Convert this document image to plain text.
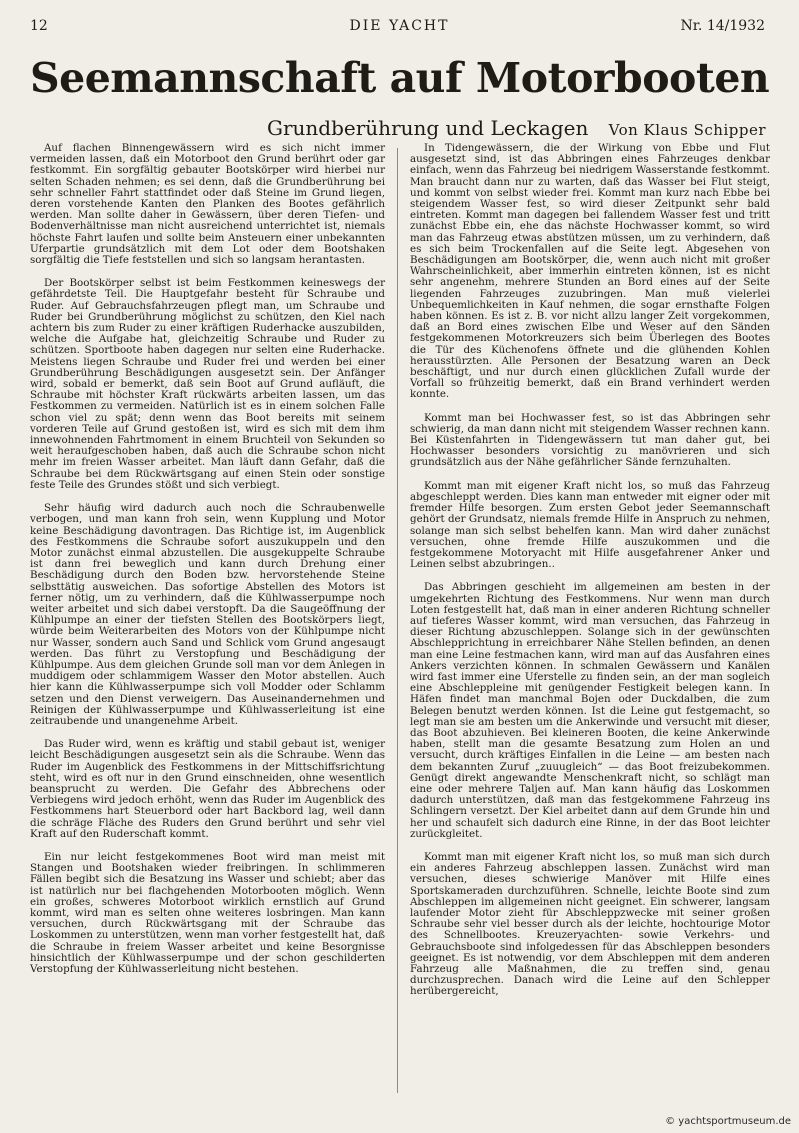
12	DIE YACHT	Nr. 14/1932
Seemannschaft auf Motorbooten
Grundberührung und Leckagen Von Klaus Schipper

Auf flachen Binnengewässern wird es sich nicht immer vermeiden lassen, daß ein Motorboot den Grund berührt oder gar festkommt. Ein sorgfältig gebauter Bootskörper wird hierbei nur selten Schaden nehmen; es sei denn, daß die Grundberührung bei sehr schneller Fahrt stattfindet oder daß Steine im Grund liegen, deren vorstehende Kanten den Planken des Bootes gefährlich werden. Man sollte daher in Gewässern, über deren Tiefen- und Bodenverhältnisse man nicht ausreichend unterrichtet ist, niemals höchste Fahrt laufen und sollte beim Ansteuern einer unbekannten Uferpartie grundsätzlich mit dem Lot oder dem Bootshaken sorgfältig die Tiefe feststellen und sich so langsam herantasten.

Der Bootskörper selbst ist beim Festkommen keineswegs der gefährdetste Teil. Die Hauptgefahr besteht für Schraube und Ruder. Auf Gebrauchsfahrzeugen pflegt man, um Schraube und Ruder bei Grundberührung möglichst zu schützen, den Kiel nach achtern bis zum Ruder zu einer kräftigen Ruderhacke auszubilden, welche die Aufgabe hat, gleichzeitig Schraube und Ruder zu schützen. Sportboote haben dagegen nur selten eine Ruderhacke. Meistens liegen Schraube und Ruder frei und werden bei einer Grundberührung Beschädigungen ausgesetzt sein. Der Anfänger wird, sobald er bemerkt, daß sein Boot auf Grund aufläuft, die Schraube mit höchster Kraft rückwärts arbeiten lassen, um das Festkommen zu vermeiden. Natürlich ist es in einem solchen Falle schon viel zu spät; denn wenn das Boot bereits mit seinem vorderen Teile auf Grund gestoßen ist, wird es sich mit dem ihm innewohnenden Fahrtmoment in einem Bruchteil von Sekunden so weit heraufgeschoben haben, daß auch die Schraube schon nicht mehr im freien Wasser arbeitet. Man läuft dann Gefahr, daß die Schraube bei dem Rückwärtsgang auf einen Stein oder sonstige feste Teile des Grundes stößt und sich verbiegt.

Sehr häufig wird dadurch auch noch die Schraubenwelle verbogen, und man kann froh sein, wenn Kupplung und Motor keine Beschädigung davontragen. Das Richtige ist, im Augenblick des Festkommens die Schraube sofort auszukuppeln und den Motor zunächst einmal abzustellen. Die ausgekuppelte Schraube ist dann frei beweglich und kann durch Drehung einer Beschädigung durch den Boden bzw. hervorstehende Steine selbsttätig ausweichen. Das sofortige Abstellen des Motors ist ferner nötig, um zu verhindern, daß die Kühlwasserpumpe noch weiter arbeitet und sich dabei verstopft. Da die Saugeöffnung der Kühlpumpe an einer der tiefsten Stellen des Bootskörpers liegt, würde beim Weiterarbeiten des Motors von der Kühlpumpe nicht nur Wasser, sondern auch Sand und Schlick vom Grund angesaugt werden. Das führt zu Verstopfung und Beschädigung der Kühlpumpe. Aus dem gleichen Grunde soll man vor dem Anlegen in muddigem oder schlammigem Wasser den Motor abstellen. Auch hier kann die Kühlwasserpumpe sich voll Modder oder Schlamm setzen und den Dienst verweigern. Das Auseinandernehmen und Reinigen der Kühlwasserpumpe und Kühlwasserleitung ist eine zeitraubende und unangenehme Arbeit.

Das Ruder wird, wenn es kräftig und stabil gebaut ist, weniger leicht Beschädigungen ausgesetzt sein als die Schraube. Wenn das Ruder im Augenblick des Festkommens in der Mittschiffsrichtung steht, wird es oft nur in den Grund einschneiden, ohne wesentlich beansprucht zu werden. Die Gefahr des Abbrechens oder Verbiegens wird jedoch erhöht, wenn das Ruder im Augenblick des Festkommens hart Steuerbord oder hart Backbord lag, weil dann die schräge Fläche des Ruders den Grund berührt und sehr viel Kraft auf den Ruderschaft kommt.

Ein nur leicht festgekommenes Boot wird man meist mit Stangen und Bootshaken wieder freibringen. In schlimmeren Fällen begibt sich die Besatzung ins Wasser und schiebt; aber das ist natürlich nur bei flachgehenden Motorbooten möglich. Wenn ein großes, schweres Motorboot wirklich ernstlich auf Grund kommt, wird man es selten ohne weiteres losbringen. Man kann versuchen, durch Rückwärtsgang mit der Schraube das Loskommen zu unterstützen, wenn man vorher festgestellt hat, daß die Schraube in freiem Wasser arbeitet und keine Besorgnisse hinsichtlich der Kühlwasserpumpe und der schon geschilderten Verstopfung der Kühlwasserleitung nicht bestehen.

In Tidengewässern, die der Wirkung von Ebbe und Flut ausgesetzt sind, ist das Abbringen eines Fahrzeuges denkbar einfach, wenn das Fahrzeug bei niedrigem Wasserstande festkommt. Man braucht dann nur zu warten, daß das Wasser bei Flut steigt, und kommt von selbst wieder frei. Kommt man kurz nach Ebbe bei steigendem Wasser fest, so wird dieser Zeitpunkt sehr bald eintreten. Kommt man dagegen bei fallendem Wasser fest und tritt zunächst Ebbe ein, ehe das nächste Hochwasser kommt, so wird man das Fahrzeug etwas abstützen müssen, um zu verhindern, daß es sich beim Trockenfallen auf die Seite legt. Abgesehen von Beschädigungen am Bootskörper, die, wenn auch nicht mit großer Wahrscheinlichkeit, aber immerhin eintreten können, ist es nicht sehr angenehm, mehrere Stunden an Bord eines auf der Seite liegenden Fahrzeuges zuzubringen. Man muß vielerlei Unbequemlichkeiten in Kauf nehmen, die sogar ernsthafte Folgen haben können. Es ist z. B. vor nicht allzu langer Zeit vorgekommen, daß an Bord eines zwischen Elbe und Weser auf den Sänden festgekommenen Motorkreuzers sich beim Überlegen des Bootes die Tür des Küchenofens öffnete und die glühenden Kohlen herausstürzten. Alle Personen der Besatzung waren an Deck beschäftigt, und nur durch einen glücklichen Zufall wurde der Vorfall so frühzeitig bemerkt, daß ein Brand verhindert werden konnte.

Kommt man bei Hochwasser fest, so ist das Abbringen sehr schwierig, da man dann nicht mit steigendem Wasser rechnen kann. Bei Küstenfahrten in Tidengewässern tut man daher gut, bei Hochwasser besonders vorsichtig zu manövrieren und sich grundsätzlich aus der Nähe gefährlicher Sände fernzuhalten.

Kommt man mit eigener Kraft nicht los, so muß das Fahrzeug abgeschleppt werden. Dies kann man entweder mit eigner oder mit fremder Hilfe besorgen. Zum ersten Gebot jeder Seemannschaft gehört der Grundsatz, niemals fremde Hilfe in Anspruch zu nehmen, solange man sich selbst behelfen kann. Man wird daher zunächst versuchen, ohne fremde Hilfe auszukommen und die festgekommene Motoryacht mit Hilfe ausgefahrener Anker und Leinen selbst abzubringen..

Das Abbringen geschieht im allgemeinen am besten in der umgekehrten Richtung des Festkommens. Nur wenn man durch Loten festgestellt hat, daß man in einer anderen Richtung schneller auf tieferes Wasser kommt, wird man versuchen, das Fahrzeug in dieser Richtung abzuschleppen. Solange sich in der gewünschten Abschlepprichtung in erreichbarer Nähe Stellen befinden, an denen man eine Leine festmachen kann, wird man auf das Ausfahren eines Ankers verzichten können. In schmalen Gewässern und Kanälen wird fast immer eine Uferstelle zu finden sein, an der man sogleich eine Abschleppleine mit genügender Festigkeit belegen kann. In Häfen findet man manchmal Bojen oder Duckdalben, die zum Belegen benutzt werden können. Ist die Leine gut festgemacht, so legt man sie am besten um die Ankerwinde und versucht mit dieser, das Boot abzuhieven. Bei kleineren Booten, die keine Ankerwinde haben, stellt man die gesamte Besatzung zum Holen an und versucht, durch kräftiges Einfallen in die Leine — am besten nach dem bekannten Zuruf „zuuugleich“ — das Boot freizubekommen. Genügt direkt angewandte Menschenkraft nicht, so schlägt man eine oder mehrere Taljen auf. Man kann häufig das Loskommen dadurch unterstützen, daß man das festgekommene Fahrzeug ins Schlingern versetzt. Der Kiel arbeitet dann auf dem Grunde hin und her und schaufelt sich dadurch eine Rinne, in der das Boot leichter zurückgleitet.

Kommt man mit eigener Kraft nicht los, so muß man sich durch ein anderes Fahrzeug abschleppen lassen. Zunächst wird man versuchen, dieses schwierige Manöver mit Hilfe eines Sportskameraden durchzuführen. Schnelle, leichte Boote sind zum Abschleppen im allgemeinen nicht geeignet. Ein schwerer, langsam laufender Motor zieht für Abschleppzwecke mit seiner großen Schraube sehr viel besser durch als der leichte, hochtourige Motor des Schnellbootes. Kreuzeryachten- sowie Verkehrs- und Gebrauchsboote sind infolgedessen für das Abschleppen besonders geeignet. Es ist notwendig, vor dem Abschleppen mit dem anderen Fahrzeug alle Maßnahmen, die zu treffen sind, genau durchzusprechen. Danach wird die Leine auf den Schlepper herübergereicht,

© yachtsportmuseum.de
